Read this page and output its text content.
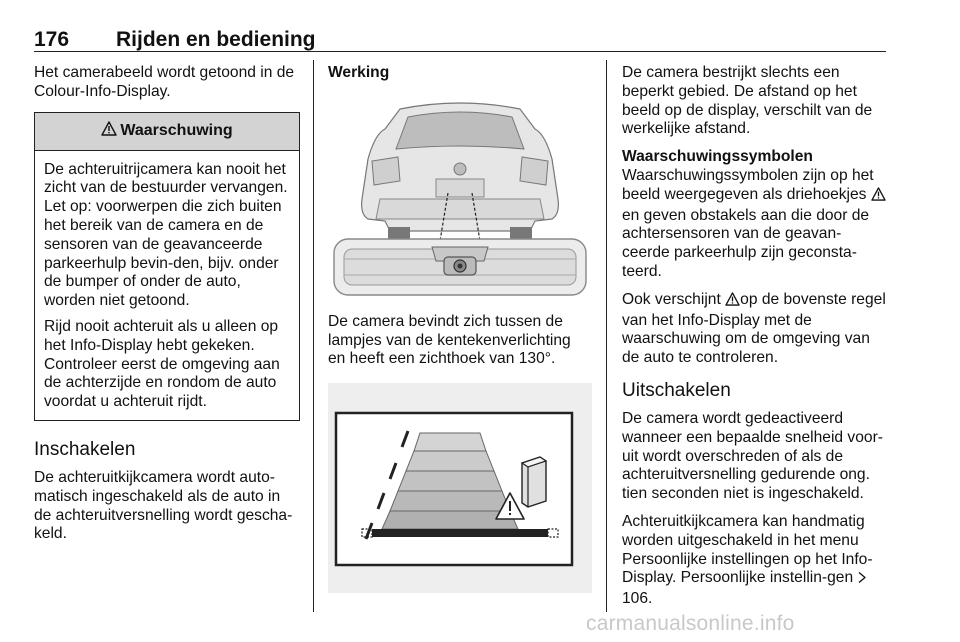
176 Rijden en bediening

Het camerabeeld wordt getoond in de Colour-Info-Display.

Waarschuwing

De achteruitrijcamera kan nooit het zicht van de bestuurder vervangen. Let op: voorwerpen die zich buiten het bereik van de camera en de sensoren van de geavanceerde parkeerhulp bevin-den, bijv. onder de bumper of onder de auto, worden niet getoond.

Rijd nooit achteruit als u alleen op het Info-Display hebt gekeken. Controleer eerst de omgeving aan de achterzijde en rondom de auto voordat u achteruit rijdt.

Inschakelen

De achteruitkijkcamera wordt auto-matisch ingeschakeld als de auto in de achteruitversnelling wordt gescha-keld.

Werking

De camera bevindt zich tussen de lampjes van de kentekenverlichting en heeft een zichthoek van 130°.

De camera bestrijkt slechts een beperkt gebied. De afstand op het beeld op de display, verschilt van de werkelijke afstand.

Waarschuwingssymbolen

Waarschuwingssymbolen zijn op het beeld weergegeven als driehoekjes en geven obstakels aan die door de achtersensoren van de geavan-ceerde parkeerhulp zijn geconsta-teerd.

Ook verschijnt op de bovenste regel van het Info-Display met de waarschuwing om de omgeving van de auto te controleren.

Uitschakelen

De camera wordt gedeactiveerd wanneer een bepaalde snelheid voor-uit wordt overschreden of als de achteruitversnelling gedurende ong. tien seconden niet is ingeschakeld.

Achteruitkijkcamera kan handmatig worden uitgeschakeld in het menu Persoonlijke instellingen op het Info-Display. Persoonlijke instellin-gen  106.

carmanualsonline.info
